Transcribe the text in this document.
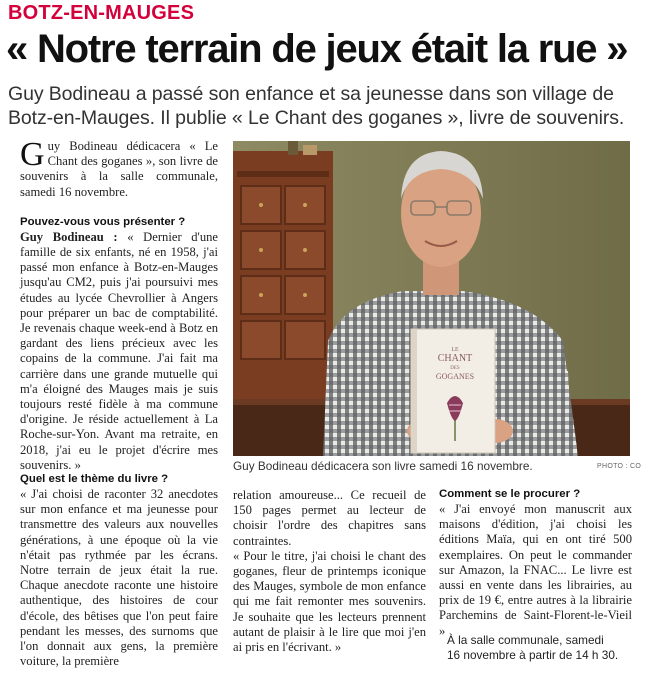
BOTZ-EN-MAUGES
« Notre terrain de jeux était la rue »
Guy Bodineau a passé son enfance et sa jeunesse dans son village de Botz-en-Mauges. Il publie « Le Chant des goganes », livre de souvenirs.

Guy Bodineau dédicacera « Le Chant des goganes », son livre de souvenirs à la salle communale, samedi 16 novembre.

Pouvez-vous vous présenter ?

Guy Bodineau : « Dernier d'une famille de six enfants, né en 1958, j'ai passé mon enfance à Botz-en-Mauges jusqu'au CM2, puis j'ai poursuivi mes études au lycée Chevrollier à Angers pour préparer un bac de comptabilité. Je revenais chaque week-end à Botz en gardant des liens précieux avec les copains de la commune. J'ai fait ma carrière dans une grande mutuelle qui m'a éloigné des Mauges mais je suis toujours resté fidèle à ma commune d'origine. Je réside actuellement à La Roche-sur-Yon. Avant ma retraite, en 2018, j'ai eu le projet d'écrire mes souvenirs. »

LE
CHANT
DES
GOGANES
Guy Bodineau dédicacera son livre samedi 16 novembre.	PHOTO : CO

Quel est le thème du livre ?

« J'ai choisi de raconter 32 anecdotes sur mon enfance et ma jeunesse pour transmettre des valeurs aux nouvelles générations, à une époque où la vie n'était pas rythmée par les écrans. Notre terrain de jeux était la rue. Chaque anecdote raconte une histoire authentique, des histoires de cour d'école, des bêtises que l'on peut faire pendant les messes, des surnoms que l'on donnait aux gens, la première voiture, la première

relation amoureuse... Ce recueil de 150 pages permet au lecteur de choisir l'ordre des chapitres sans contraintes.

« Pour le titre, j'ai choisi le chant des goganes, fleur de printemps iconique des Mauges, symbole de mon enfance qui me fait remonter mes souvenirs. Je souhaite que les lecteurs prennent autant de plaisir à le lire que moi j'en ai pris en l'écrivant. »

Comment se le procurer ?

« J'ai envoyé mon manuscrit aux maisons d'édition, j'ai choisi les éditions Maïa, qui en ont tiré 500 exemplaires. On peut le commander sur Amazon, la FNAC... Le livre est aussi en vente dans les librairies, au prix de 19 €, entre autres à la librairie Parchemins de Saint-Florent-le-Vieil »

À la salle communale, samedi
16 novembre à partir de 14 h 30.
